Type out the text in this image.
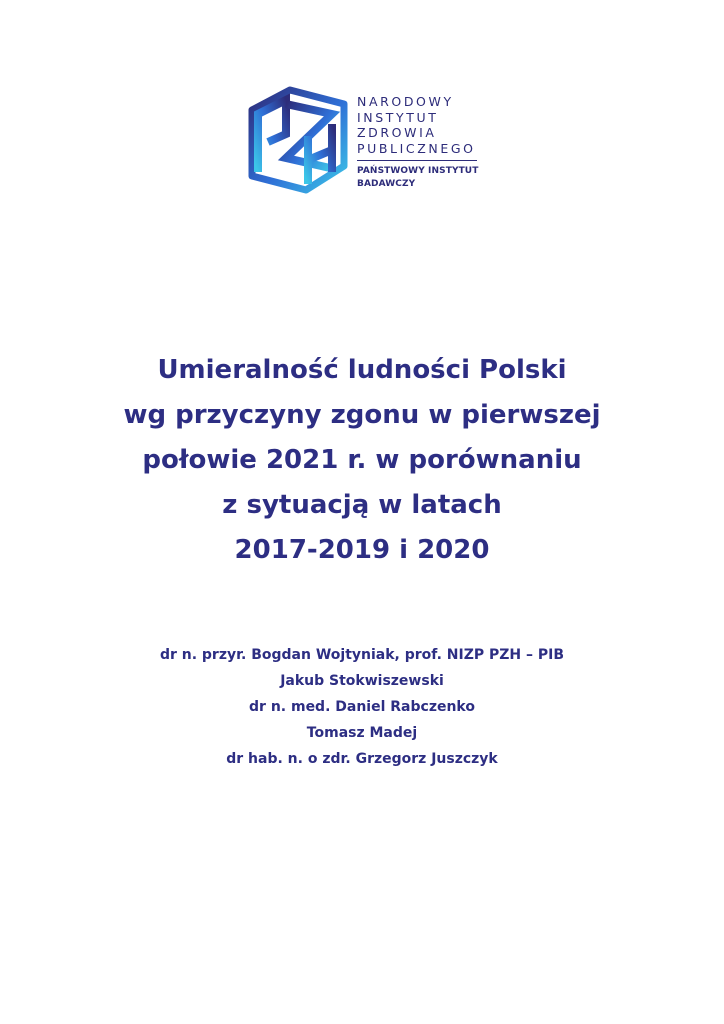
NARODOWY
INSTYTUT
ZDROWIA
PUBLICZNEGO
PAŃSTWOWY INSTYTUT
BADAWCZY
Umieralność ludności Polski
wg przyczyny zgonu w pierwszej
połowie 2021 r. w porównaniu
z sytuacją w latach
2017-2019 i 2020
dr n. przyr. Bogdan Wojtyniak, prof. NIZP PZH – PIB
Jakub Stokwiszewski
dr n. med. Daniel Rabczenko
Tomasz Madej
dr hab. n. o zdr. Grzegorz Juszczyk
